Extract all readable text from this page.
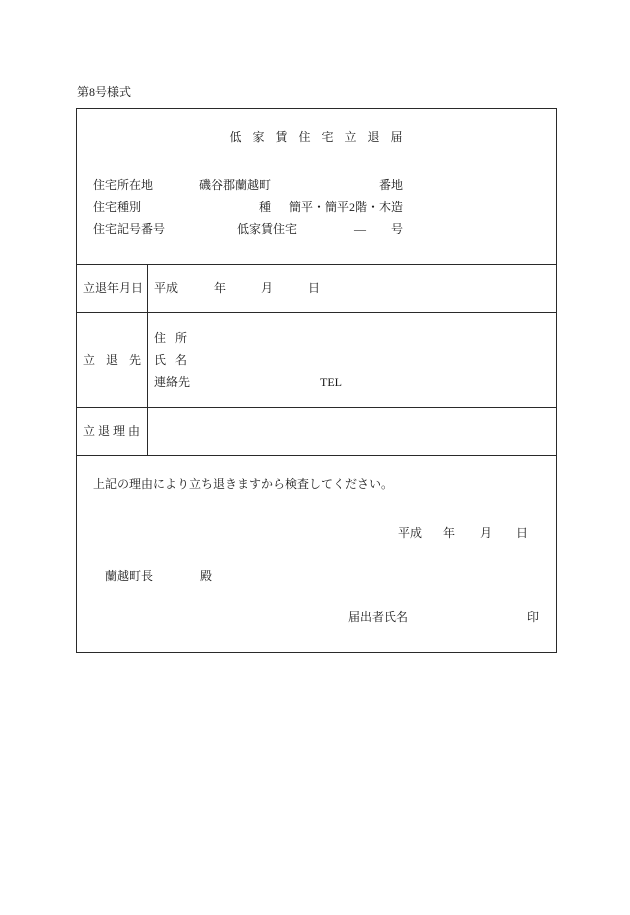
第8号様式
低 家 賃 住 宅 立 退 届
住宅所在地	磯谷郡蘭越町	番地
住宅種別	種 簡平・簡平2階・木造
住宅記号番号	低家賃住宅	— 号
立退年月日 平成	年	月	日
立 退 先
住 所
氏 名
連絡先	TEL
立 退 理 由
上記の理由により立ち退きますから検査してください。
平成 年 月 日
蘭越町長	殿
届出者氏名	印
